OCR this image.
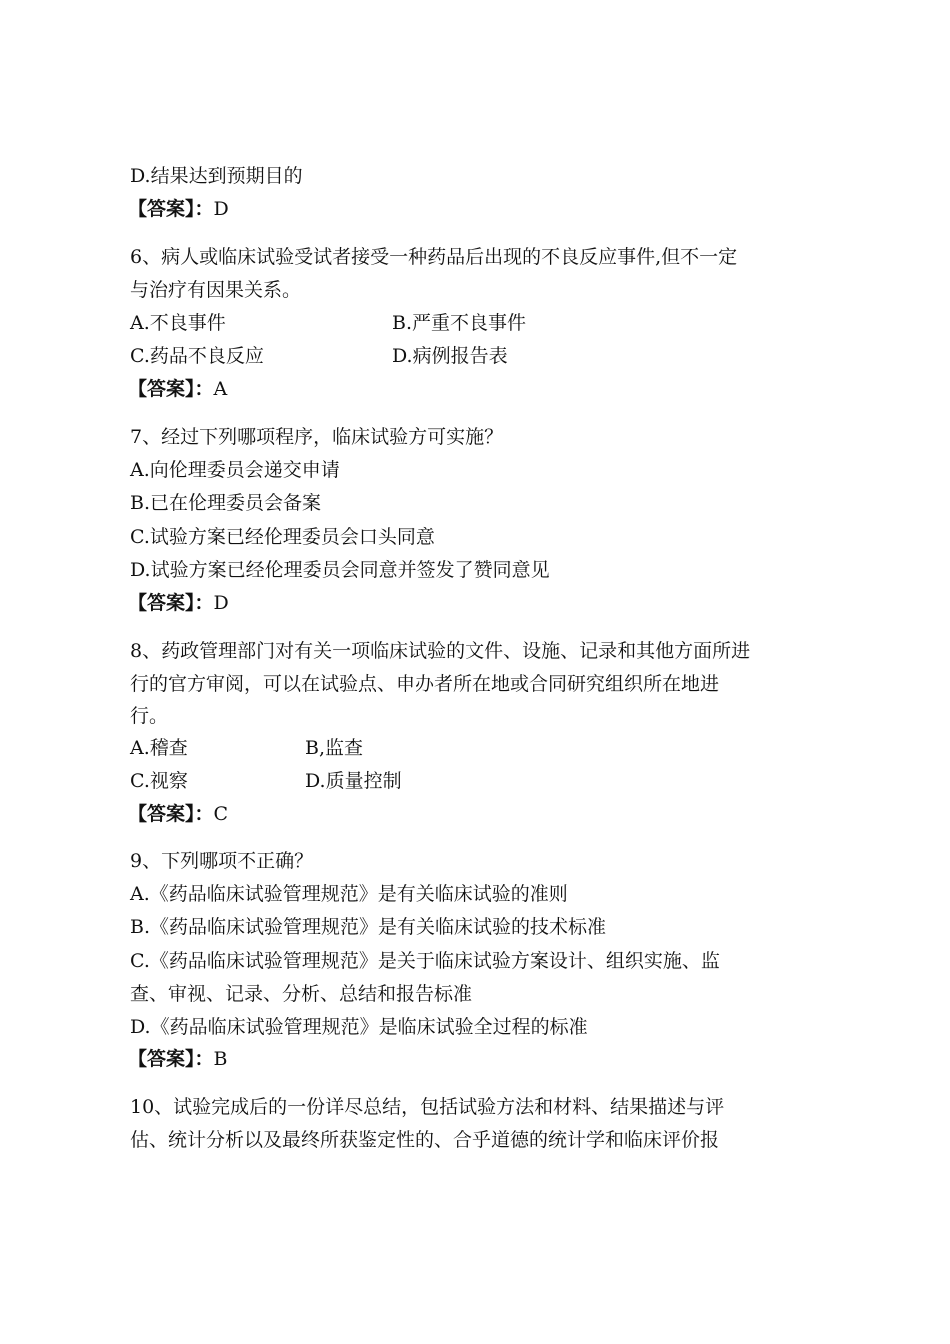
D.结果达到预期目的

【答案】：D

6、病人或临床试验受试者接受一种药品后出现的不良反应事件,但不一定

与治疗有因果关系。

A.不良事件	B.严重不良事件

C.药品不良反应	D.病例报告表

【答案】：A

7、经过下列哪项程序，临床试验方可实施？

A.向伦理委员会递交申请

B.已在伦理委员会备案

C.试验方案已经伦理委员会口头同意

D.试验方案已经伦理委员会同意并签发了赞同意见

【答案】：D

8、药政管理部门对有关一项临床试验的文件、设施、记录和其他方面所进

行的官方审阅，可以在试验点、申办者所在地或合同研究组织所在地进

行。

A.稽查	B,监查

C.视察	D.质量控制

【答案】：C

9、下列哪项不正确？

A.《药品临床试验管理规范》是有关临床试验的准则

B.《药品临床试验管理规范》是有关临床试验的技术标准

C.《药品临床试验管理规范》是关于临床试验方案设计、组织实施、监

查、审视、记录、分析、总结和报告标准

D.《药品临床试验管理规范》是临床试验全过程的标准

【答案】：B

10、试验完成后的一份详尽总结，包括试验方法和材料、结果描述与评

估、统计分析以及最终所获鉴定性的、合乎道德的统计学和临床评价报
